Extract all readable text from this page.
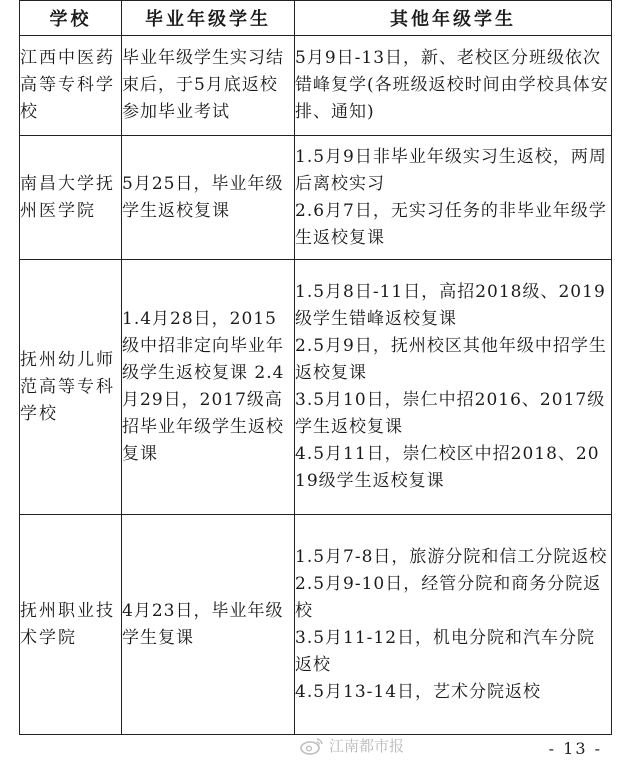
学校	毕业年级学生	其他年级学生
江西中医药高等专科学校	毕业年级学生实习结束后，于5月底返校参加毕业考试	5月9日-13日，新、老校区分班级依次错峰复学(各班级返校时间由学校具体安排、通知)

南昌大学抚州医学院	5月25日，毕业年级学生返校复课	1.5月9日非毕业年级实习生返校，两周后离校实习
2.6月7日，无实习任务的非毕业年级学生返校复课

抚州幼儿师范高等专科学校	1.4月28日，2015级中招非定向毕业年级学生返校复课 2.4月29日，2017级高招毕业年级学生返校复课	1.5月8日-11日，高招2018级、2019级学生错峰返校复课
2.5月9日，抚州校区其他年级中招学生返校复课
3.5月10日，崇仁中招2016、2017级学生返校复课
4.5月11日，崇仁校区中招2018、2019级学生返校复课

抚州职业技术学院	4月23日，毕业年级学生复课	1.5月7-8日，旅游分院和信工分院返校
2.5月9-10日，经管分院和商务分院返校
3.5月11-12日，机电分院和汽车分院返校
4.5月13-14日，艺术分院返校
江南都市报	- 13 -
